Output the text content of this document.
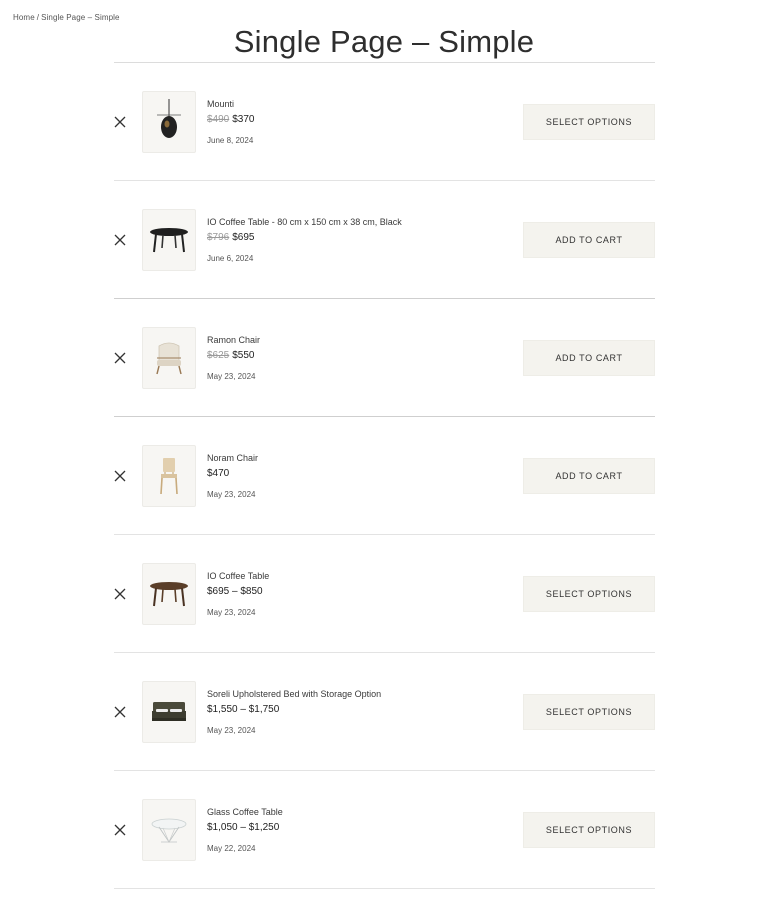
Home / Single Page – Simple
Single Page – Simple
Mounti
$490 $370
June 8, 2024
SELECT OPTIONS
IO Coffee Table - 80 cm x 150 cm x 38 cm, Black
$796 $695
June 6, 2024
ADD TO CART
Ramon Chair
$625 $550
May 23, 2024
ADD TO CART
Noram Chair
$470
May 23, 2024
ADD TO CART
IO Coffee Table
$695 – $850
May 23, 2024
SELECT OPTIONS
Soreli Upholstered Bed with Storage Option
$1,550 – $1,750
May 23, 2024
SELECT OPTIONS
Glass Coffee Table
$1,050 – $1,250
May 22, 2024
SELECT OPTIONS
